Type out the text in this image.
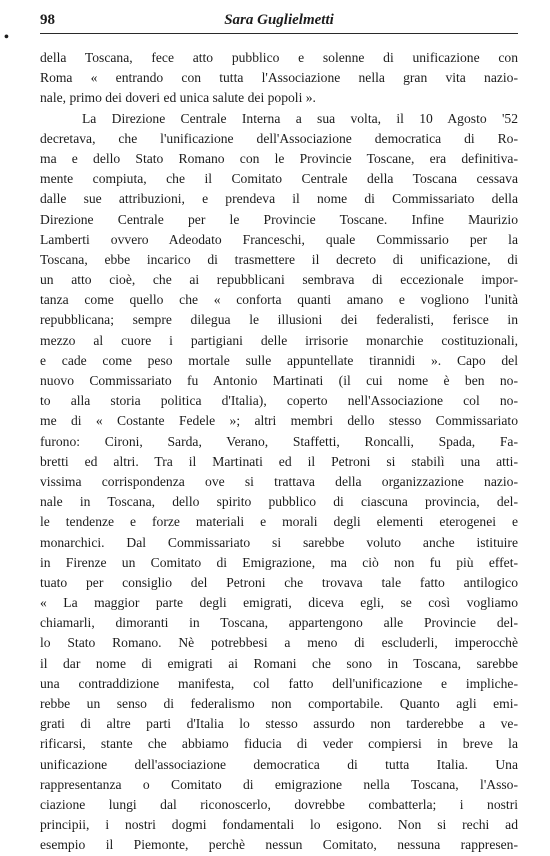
•
98	Sara Guglielmetti
della Toscana, fece atto pubblico e solenne di unificazione con
Roma « entrando con tutta l'Associazione nella gran vita nazio-
nale, primo dei doveri ed unica salute dei popoli ».
La Direzione Centrale Interna a sua volta, il 10 Agosto '52
decretava, che l'unificazione dell'Associazione democratica di Ro-
ma e dello Stato Romano con le Provincie Toscane, era definitiva-
mente compiuta, che il Comitato Centrale della Toscana cessava
dalle sue attribuzioni, e prendeva il nome di Commissariato della
Direzione Centrale per le Provincie Toscane. Infine Maurizio
Lamberti ovvero Adeodato Franceschi, quale Commissario per la
Toscana, ebbe incarico di trasmettere il decreto di unificazione, di
un atto cioè, che ai repubblicani sembrava di eccezionale impor-
tanza come quello che « conforta quanti amano e vogliono l'unità
repubblicana; sempre dilegua le illusioni dei federalisti, ferisce in
mezzo al cuore i partigiani delle irrisorie monarchie costituzionali,
e cade come peso mortale sulle appuntellate tirannidi ». Capo del
nuovo Commissariato fu Antonio Martinati (il cui nome è ben no-
to alla storia politica d'Italia), coperto nell'Associazione col no-
me di « Costante Fedele »; altri membri dello stesso Commissariato
furono: Cironi, Sarda, Verano, Staffetti, Roncalli, Spada, Fa-
bretti ed altri. Tra il Martinati ed il Petroni si stabilì una atti-
vissima corrispondenza ove si trattava della organizzazione nazio-
nale in Toscana, dello spirito pubblico di ciascuna provincia, del-
le tendenze e forze materiali e morali degli elementi eterogenei e
monarchici. Dal Commissariato si sarebbe voluto anche istituire
in Firenze un Comitato di Emigrazione, ma ciò non fu più effet-
tuato per consiglio del Petroni che trovava tale fatto antilogico
« La maggior parte degli emigrati, diceva egli, se così vogliamo
chiamarli, dimoranti in Toscana, appartengono alle Provincie del-
lo Stato Romano. Nè potrebbesi a meno di escluderli, imperocchè
il dar nome di emigrati ai Romani che sono in Toscana, sarebbe
una contraddizione manifesta, col fatto dell'unificazione e impliche-
rebbe un senso di federalismo non comportabile. Quanto agli emi-
grati di altre parti d'Italia lo stesso assurdo non tarderebbe a ve-
rificarsi, stante che abbiamo fiducia di veder compiersi in breve la
unificazione dell'associazione democratica di tutta Italia. Una
rappresentanza o Comitato di emigrazione nella Toscana, l'Asso-
ciazione lungi dal riconoscerlo, dovrebbe combatterla; i nostri
principii, i nostri dogmi fondamentali lo esigono. Non si rechi ad
esempio il Piemonte, perchè nessun Comitato, nessuna rappresen-
